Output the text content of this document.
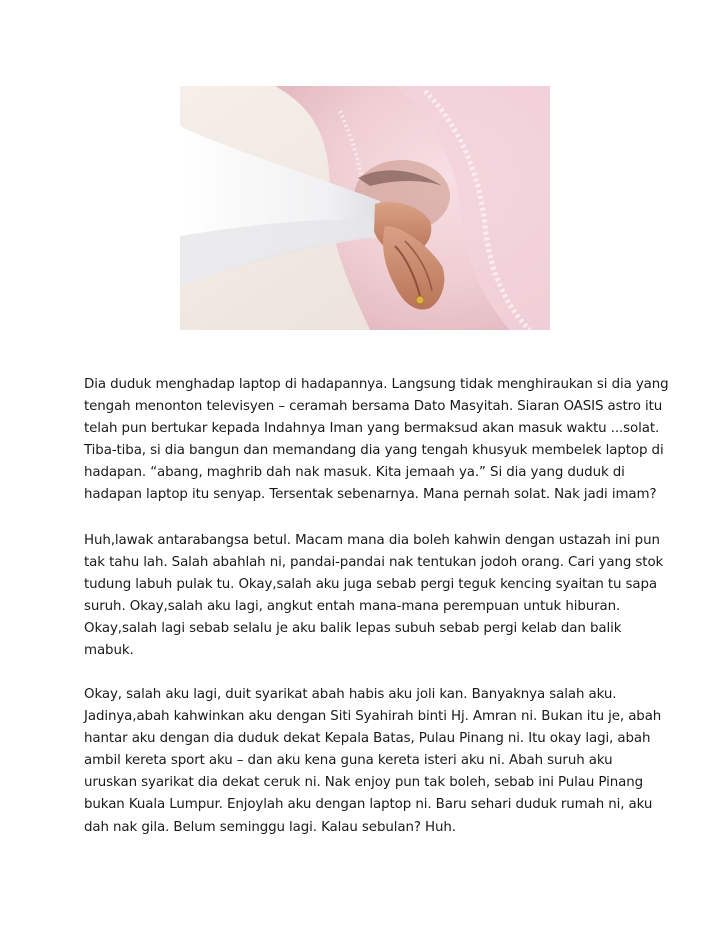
Dia duduk menghadap laptop di hadapannya. Langsung tidak menghiraukan si dia yang
tengah menonton televisyen – ceramah bersama Dato Masyitah. Siaran OASIS astro itu
telah pun bertukar kepada Indahnya Iman yang bermaksud akan masuk waktu ...solat.
Tiba-tiba, si dia bangun dan memandang dia yang tengah khusyuk membelek laptop di
hadapan. “abang, maghrib dah nak masuk. Kita jemaah ya.” Si dia yang duduk di
hadapan laptop itu senyap. Tersentak sebenarnya. Mana pernah solat. Nak jadi imam?
Huh,lawak antarabangsa betul. Macam mana dia boleh kahwin dengan ustazah ini pun
tak tahu lah. Salah abahlah ni, pandai-pandai nak tentukan jodoh orang. Cari yang stok
tudung labuh pulak tu. Okay,salah aku juga sebab pergi teguk kencing syaitan tu sapa
suruh. Okay,salah aku lagi, angkut entah mana-mana perempuan untuk hiburan.
Okay,salah lagi sebab selalu je aku balik lepas subuh sebab pergi kelab dan balik
mabuk.
Okay, salah aku lagi, duit syarikat abah habis aku joli kan. Banyaknya salah aku.
Jadinya,abah kahwinkan aku dengan Siti Syahirah binti Hj. Amran ni. Bukan itu je, abah
hantar aku dengan dia duduk dekat Kepala Batas, Pulau Pinang ni. Itu okay lagi, abah
ambil kereta sport aku – dan aku kena guna kereta isteri aku ni. Abah suruh aku
uruskan syarikat dia dekat ceruk ni. Nak enjoy pun tak boleh, sebab ini Pulau Pinang
bukan Kuala Lumpur. Enjoylah aku dengan laptop ni. Baru sehari duduk rumah ni, aku
dah nak gila. Belum seminggu lagi. Kalau sebulan? Huh.
